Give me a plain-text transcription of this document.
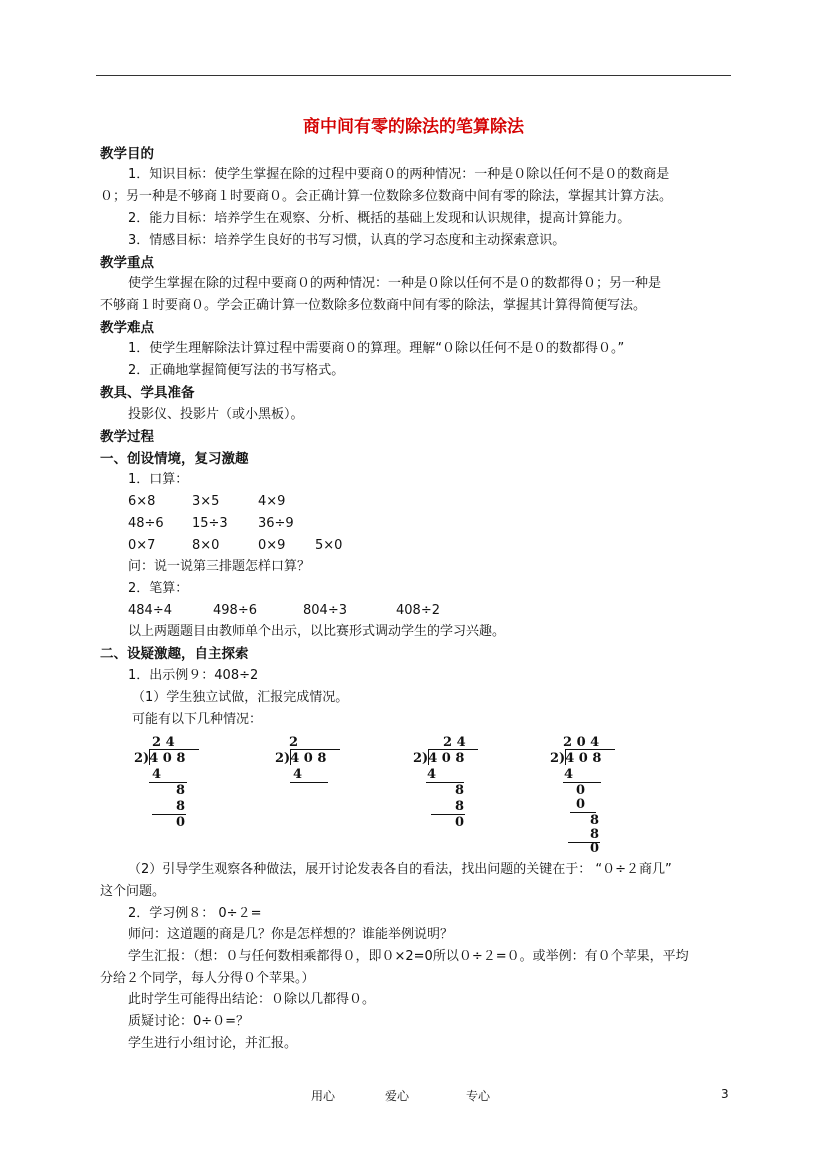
商中间有零的除法的笔算除法
教学目的
1．知识目标：使学生掌握在除的过程中要商０的两种情况：一种是０除以任何不是０的数商是
０；另一种是不够商１时要商０。会正确计算一位数除多位数商中间有零的除法，掌握其计算方法。
2．能力目标：培养学生在观察、分析、概括的基础上发现和认识规律，提高计算能力。
3．情感目标：培养学生良好的书写习惯，认真的学习态度和主动探索意识。
教学重点
使学生掌握在除的过程中要商０的两种情况：一种是０除以任何不是０的数都得０；另一种是
不够商１时要商０。学会正确计算一位数除多位数商中间有零的除法，掌握其计算得简便写法。
教学难点
1．使学生理解除法计算过程中需要商０的算理。理解“０除以任何不是０的数都得０。”
2．正确地掌握简便写法的书写格式。
教具、学具准备
投影仪、投影片（或小黑板）。
教学过程
一、创设情境，复习激趣
1．口算：
6×8	3×5	4×9
48÷6 15÷3 36÷9
0×7	8×0	0×9 5×0
问：说一说第三排题怎样口算？
2．笔算：
484÷4	498÷6	804÷3	408÷2
以上两题题目由教师单个出示，以比赛形式调动学生的学习兴趣。
二、设疑激趣，自主探索
1．出示例９：408÷2
（1）学生独立试做，汇报完成情况。
可能有以下几种情况：
2 4
2)4 0 8
4
8
8
0
2
2)4 0 8
4
2 4
2)4 0 8
4
8
8
0
2 0 4
2)4 0 8
4
0
0
8
8
0
（2）引导学生观察各种做法，展开讨论发表各自的看法，找出问题的关键在于： “０÷２商几”
这个问题。
2．学习例８： 0÷２=
师问：这道题的商是几？你是怎样想的？谁能举例说明？
学生汇报：（想：０与任何数相乘都得０，即０×2=0所以０÷２=０。或举例：有０个苹果，平均
分给２个同学，每人分得０个苹果。）
此时学生可能得出结论：０除以几都得０。
质疑讨论：0÷０=？
学生进行小组讨论，并汇报。
用心	爱心	专心	3
